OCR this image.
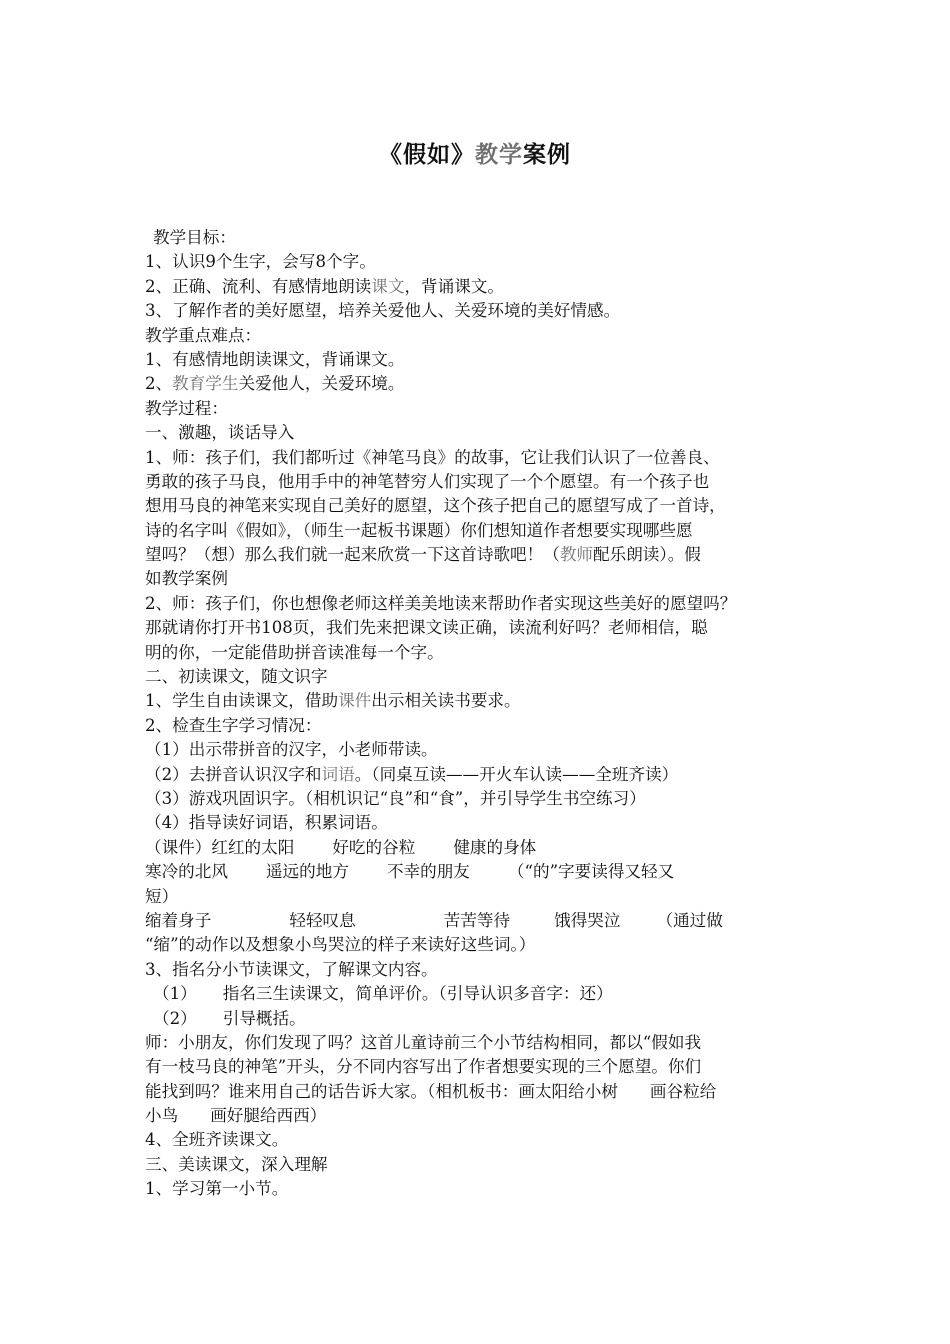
《假如》教学案例
教学目标：
1、认识9个生字，会写8个字。
2、正确、流利、有感情地朗读课文，背诵课文。
3、了解作者的美好愿望，培养关爱他人、关爱环境的美好情感。
教学重点难点：
1、有感情地朗读课文，背诵课文。
2、教育学生关爱他人，关爱环境。
教学过程：
一、激趣，谈话导入
1、师：孩子们，我们都听过《神笔马良》的故事，它让我们认识了一位善良、
勇敢的孩子马良，他用手中的神笔替穷人们实现了一个个愿望。有一个孩子也
想用马良的神笔来实现自己美好的愿望，这个孩子把自己的愿望写成了一首诗，
诗的名字叫《假如》，（师生一起板书课题）你们想知道作者想要实现哪些愿
望吗？（想）那么我们就一起来欣赏一下这首诗歌吧！（教师配乐朗读）。假
如教学案例
2、师：孩子们，你也想像老师这样美美地读来帮助作者实现这些美好的愿望吗？
那就请你打开书108页，我们先来把课文读正确，读流利好吗？老师相信，聪
明的你，一定能借助拼音读准每一个字。
二、初读课文，随文识字
1、学生自由读课文，借助课件出示相关读书要求。
2、检查生字学习情况：
（1）出示带拼音的汉字，小老师带读。
（2）去拼音认识汉字和词语。（同桌互读——开火车认读——全班齐读）
（3）游戏巩固识字。（相机识记“良”和“食”，并引导学生书空练习）
（4）指导读好词语，积累词语。
（课件）红红的太阳 好吃的谷粒 健康的身体
寒冷的北风 遥远的地方 不幸的朋友 （“的”字要读得又轻又
短）
缩着身子	轻轻叹息	苦苦等待	饿得哭泣 （通过做
“缩”的动作以及想象小鸟哭泣的样子来读好这些词。）
3、指名分小节读课文，了解课文内容。
（1） 指名三生读课文，简单评价。（引导认识多音字：还）
（2） 引导概括。
师：小朋友，你们发现了吗？这首儿童诗前三个小节结构相同，都以“假如我
有一枝马良的神笔”开头，分不同内容写出了作者想要实现的三个愿望。你们
能找到吗？谁来用自己的话告诉大家。（相机板书：画太阳给小树 画谷粒给
小鸟 画好腿给西西）
4、全班齐读课文。
三、美读课文，深入理解
1、学习第一小节。
